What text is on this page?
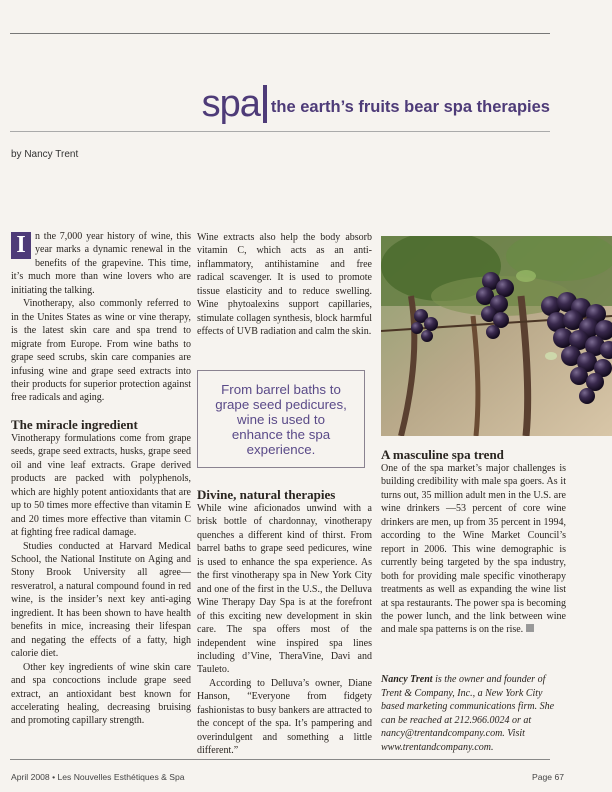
spa the earth’s fruits bear spa therapies
by Nancy Trent

I n the 7,000 year history of wine, this year marks a dynamic renewal in the benefits of the grapevine. This time, it’s much more than wine lovers who are initiating the talking.

Vinotherapy, also commonly referred to in the Unites States as wine or vine therapy, is the latest skin care and spa trend to migrate from Europe. From wine baths to grape seed scrubs, skin care companies are infusing wine and grape seed extracts into their products for superior protection against free radicals and aging.

The miracle ingredient

Vinotherapy formulations come from grape seeds, grape seed extracts, husks, grape seed oil and vine leaf extracts. Grape derived products are packed with polyphenols, which are highly potent antioxidants that are up to 50 times more effective than vitamin E and 20 times more effective than vitamin C at fighting free radical damage.

Studies conducted at Harvard Medical School, the National Institute on Aging and Stony Brook University all agree—resveratrol, a natural compound found in red wine, is the insider’s next key anti-aging ingredient. It has been shown to have health benefits in mice, increasing their lifespan and negating the effects of a fatty, high calorie diet.

Other key ingredients of wine skin care and spa concoctions include grape seed extract, an antioxidant best known for accelerating healing, decreasing bruising and promoting capillary strength.

Wine extracts also help the body absorb vitamin C, which acts as an anti-inflammatory, antihistamine and free radical scavenger. It is used to promote tissue elasticity and to reduce swelling. Wine phytoalexins support capillaries, stimulate collagen synthesis, block harmful effects of UVB radiation and calm the skin.

From barrel baths to grape seed pedicures, wine is used to enhance the spa experience.
Divine, natural therapies

While wine aficionados unwind with a brisk bottle of chardonnay, vinotherapy quenches a different kind of thirst. From barrel baths to grape seed pedicures, wine is used to enhance the spa experience. As the first vinotherapy spa in New York City and one of the first in the U.S., the Delluva Wine Therapy Day Spa is at the forefront of this exciting new development in skin care. The spa offers most of the independent wine inspired spa lines including d’Vine, TheraVine, Davi and Tauleto.

According to Delluva’s owner, Diane Hanson, “Everyone from fidgety fashionistas to busy bankers are attracted to the concept of the spa. It’s pampering and overindulgent and something a little different.”

A masculine spa trend

One of the spa market’s major challenges is building credibility with male spa goers. As it turns out, 35 million adult men in the U.S. are wine drinkers —53 percent of core wine drinkers are men, up from 35 percent in 1994, according to the Wine Market Council’s report in 2006. This wine demographic is currently being targeted by the spa industry, both for providing male specific vinotherapy treatments as well as expanding the wine list at spa restaurants. The power spa is becoming the power lunch, and the link between wine and male spa patterns is on the rise.

Nancy Trent is the owner and founder of Trent & Company, Inc., a New York City based marketing communications firm. She can be reached at 212.966.0024 or at nancy@trentandcompany.com. Visit www.trentandcompany.com.
April 2008 • Les Nouvelles Esthétiques & Spa	Page 67
